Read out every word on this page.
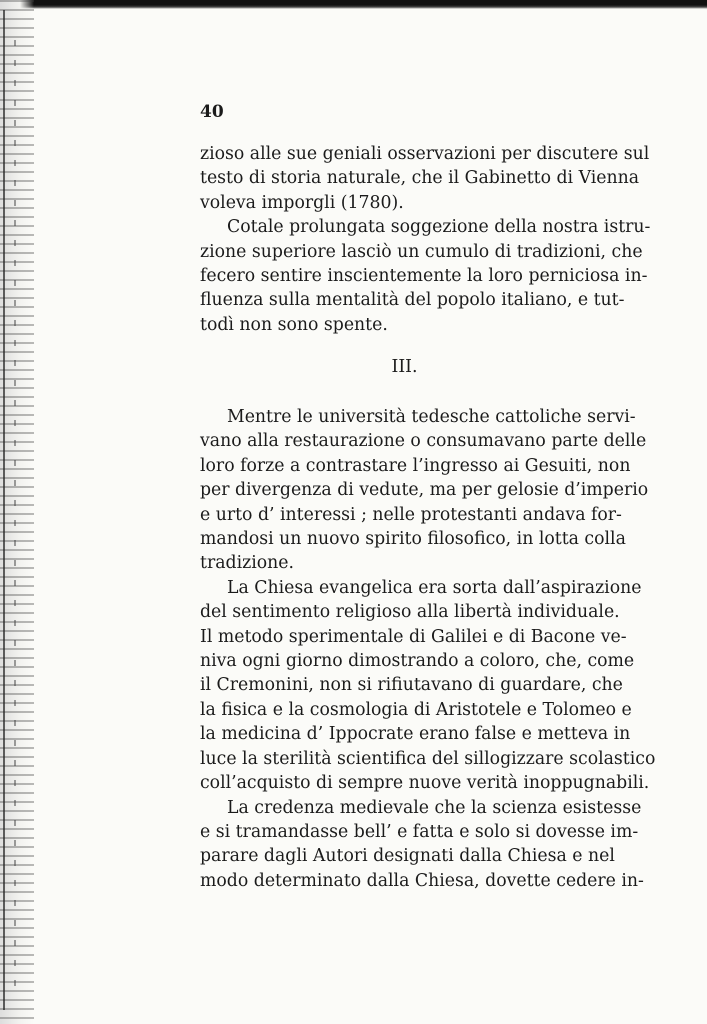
40

zioso alle sue geniali osservazioni per discutere sul
testo di storia naturale, che il Gabinetto di Vienna
voleva imporgli (1780).

Cotale prolungata soggezione della nostra istru-
zione superiore lasciò un cumulo di tradizioni, che
fecero sentire inscientemente la loro perniciosa in-
fluenza sulla mentalità del popolo italiano, e tut-
todì non sono spente.

III.

Mentre le università tedesche cattoliche servi-
vano alla restaurazione o consumavano parte delle
loro forze a contrastare l’ingresso ai Gesuiti, non
per divergenza di vedute, ma per gelosie d’imperio
e urto d’ interessi ; nelle protestanti andava for-
mandosi un nuovo spirito filosofico, in lotta colla
tradizione.

La Chiesa evangelica era sorta dall’aspirazione
del sentimento religioso alla libertà individuale.
Il metodo sperimentale di Galilei e di Bacone ve-
niva ogni giorno dimostrando a coloro, che, come
il Cremonini, non si rifiutavano di guardare, che
la fisica e la cosmologia di Aristotele e Tolomeo e
la medicina d’ Ippocrate erano false e metteva in
luce la sterilità scientifica del sillogizzare scolastico
coll’acquisto di sempre nuove verità inoppugnabili.

La credenza medievale che la scienza esistesse
e si tramandasse bell’ e fatta e solo si dovesse im-
parare dagli Autori designati dalla Chiesa e nel
modo determinato dalla Chiesa, dovette cedere in-
